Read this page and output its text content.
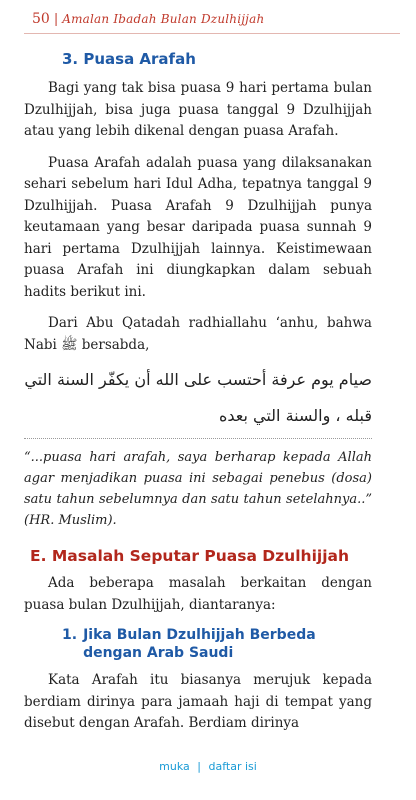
50 | Amalan Ibadah Bulan Dzulhijjah
3. Puasa Arafah

Bagi yang tak bisa puasa 9 hari pertama bulan Dzulhijjah, bisa juga puasa tanggal 9 Dzulhijjah atau yang lebih dikenal dengan puasa Arafah.

Puasa Arafah adalah puasa yang dilaksanakan sehari sebelum hari Idul Adha, tepatnya tanggal 9 Dzulhijjah. Puasa Arafah 9 Dzulhijjah punya keutamaan yang besar daripada puasa sunnah 9 hari pertama Dzulhijjah lainnya. Keistimewaan puasa Arafah ini diungkapkan dalam sebuah hadits berikut ini.

Dari Abu Qatadah radhiallahu ‘anhu, bahwa Nabi ﷺ bersabda,

صيام يوم عرفة أحتسب على الله أن يكفّر السنة التي
قبله ، والسنة التي بعده
“...puasa hari arafah, saya berharap kepada Allah agar menjadikan puasa ini sebagai penebus (dosa) satu tahun sebelumnya dan satu tahun setelahnya..” (HR. Muslim).
E. Masalah Seputar Puasa Dzulhijjah

Ada beberapa masalah berkaitan dengan puasa bulan Dzulhijjah, diantaranya:

1. Jika Bulan Dzulhijjah Berbeda
dengan Arab Saudi

Kata Arafah itu biasanya merujuk kepada berdiam dirinya para jamaah haji di tempat yang disebut dengan Arafah. Berdiam dirinya

muka | daftar isi
